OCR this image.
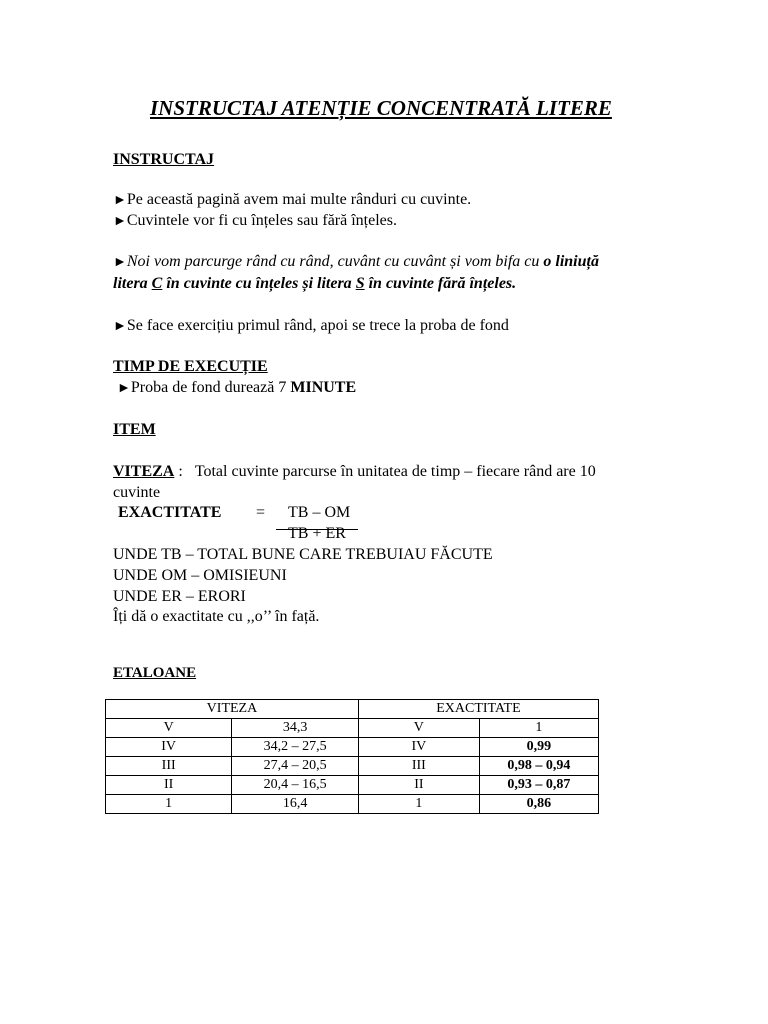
INSTRUCTAJ ATENȚIE CONCENTRATĂ LITERE
INSTRUCTAJ
►Pe această pagină avem mai multe rânduri cu cuvinte.
►Cuvintele vor fi cu înțeles sau fără înțeles.
►Noi vom parcurge rând cu rând, cuvânt cu cuvânt și vom bifa cu o liniuță
litera C în cuvinte cu înțeles și litera S în cuvinte fără înțeles.
►Se face exercițiu primul rând, apoi se trece la proba de fond
TIMP DE EXECUȚIE
►Proba de fond durează 7 MINUTE
ITEM
VITEZA : Total cuvinte parcurse în unitatea de timp – fiecare rând are 10
cuvinte
EXACTITATE = TB – OM
TB + ER
UNDE TB – TOTAL BUNE CARE TREBUIAU FĂCUTE
UNDE OM – OMISIEUNI
UNDE ER – ERORI
Îți dă o exactitate cu ,,o’’ în față.
ETALOANE
VITEZA		EXACTITATE	
V	34,3	V	1
IV	34,2 – 27,5	IV	0,99
III	27,4 – 20,5	III	0,98 – 0,94
II	20,4 – 16,5	II	0,93 – 0,87
1	16,4	1	0,86
